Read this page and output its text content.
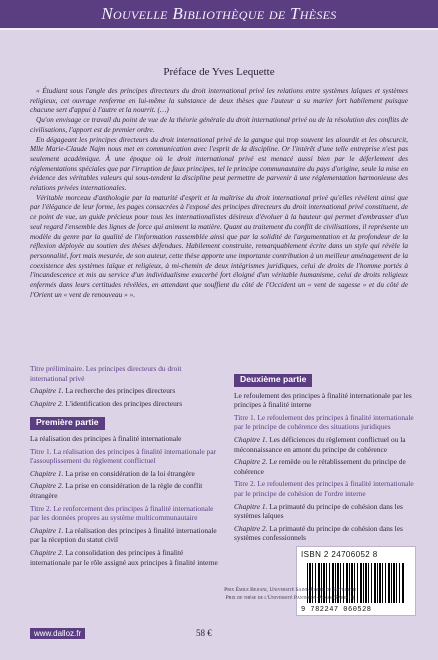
Nouvelle Bibliothèque de Thèses
Préface de Yves Lequette

« Étudiant sous l'angle des principes directeurs du droit international privé les relations entre systèmes laïques et systèmes religieux, cet ouvrage renferme en lui-même la substance de deux thèses que l'auteur a su marier fort habilement puisque chacune sert d'appui à l'autre et la nourrit. (…)

Qu'on envisage ce travail du point de vue de la théorie générale du droit international privé ou de la résolution des conflits de civilisations, l'apport est de premier ordre.

En dégageant les principes directeurs du droit international privé de la gangue qui trop souvent les alourdit et les obscurcit, Mlle Marie-Claude Najm nous met en communication avec l'esprit de la discipline. Or l'intérêt d'une telle entreprise n'est pas seulement académique. À une époque où le droit international privé est menacé aussi bien par le déferlement des réglementations spéciales que par l'irruption de faux principes, tel le principe communautaire du pays d'origine, seule la mise en évidence des véritables valeurs qui sous-tendent la discipline peut permettre de parvenir à une réglementation harmonieuse des relations privées internationales.

Véritable morceau d'anthologie par la maturité d'esprit et la maîtrise du droit international privé qu'elles révèlent ainsi que par l'élégance de leur forme, les pages consacrées à l'exposé des principes directeurs du droit international privé constituent, de ce point de vue, un guide précieux pour tous les internationalistes désireux d'évoluer à la hauteur qui permet d'embrasser d'un seul regard l'ensemble des lignes de force qui animent la matière. Quant au traitement du conflit de civilisations, il représente un modèle du genre par la qualité de l'information rassemblée ainsi que par la solidité de l'argumentation et la profondeur de la réflexion déployée au soutien des thèses défendues. Habilement construite, remarquablement écrite dans un style qui révèle la personnalité, fort mais mesurée, de son auteur, cette thèse apporte une importante contribution à un meilleur aménagement de la coexistence des systèmes laïque et religieux, à mi-chemin de deux intégrismes juridiques, celui de droits de l'homme portés à l'incandescence et mis au service d'un individualisme exacerbé fort éloigné d'un véritable humanisme, celui de droits religieux enfermés dans leurs certitudes révélées, en attendant que souffient du côté de l'Occident un « vent de sagesse » et du côté de l'Orient un « vent de renouveau » ».

Titre préliminaire. Les principes directeurs du droit international privé
Chapitre 1. La recherche des principes directeurs
Chapitre 2. L'identification des principes directeurs
Première partie
La réalisation des principes à finalité internationale
Titre 1. La réalisation des principes à finalité internationale par l'assouplissement du règlement conflictuel
Chapitre 1. La prise en considération de la loi étrangère
Chapitre 2. La prise en considération de la règle de conflit étrangère
Titre 2. Le renforcement des principes à finalité internationale par les données propres au système multicommunautaire
Chapitre 1. La réalisation des principes à finalité internationale par la réception du statut civil
Chapitre 2. La consolidation des principes à finalité internationale par le rôle assigné aux principes à finalité interne
Deuxième partie
Le refoulement des principes à finalité internationale par les principes à finalité interne
Titre 1. Le refoulement des principes à finalité internationale par le principe de cohérence des situations juridiques
Chapitre 1. Les déficiences du règlement conflictuel ou la méconnaissance en amont du principe de cohérence
Chapitre 2. Le remède ou le rétablissement du principe de cohérence
Titre 2. Le refoulement des principes à finalité internationale par le principe de cohésion de l'ordre interne
Chapitre 1. La primauté du principe de cohésion dans les systèmes laïques
Chapitre 2. La primauté du principe de cohésion dans les systèmes confessionnels
ISBN 2 24706052 8
9 782247 060528
Prix Émile Bejjani, Université Saint-Joseph de Beyrouth
Prix de thèse de l'Université Panthéon-Assas (Paris II)
www.dalloz.fr	58 €
